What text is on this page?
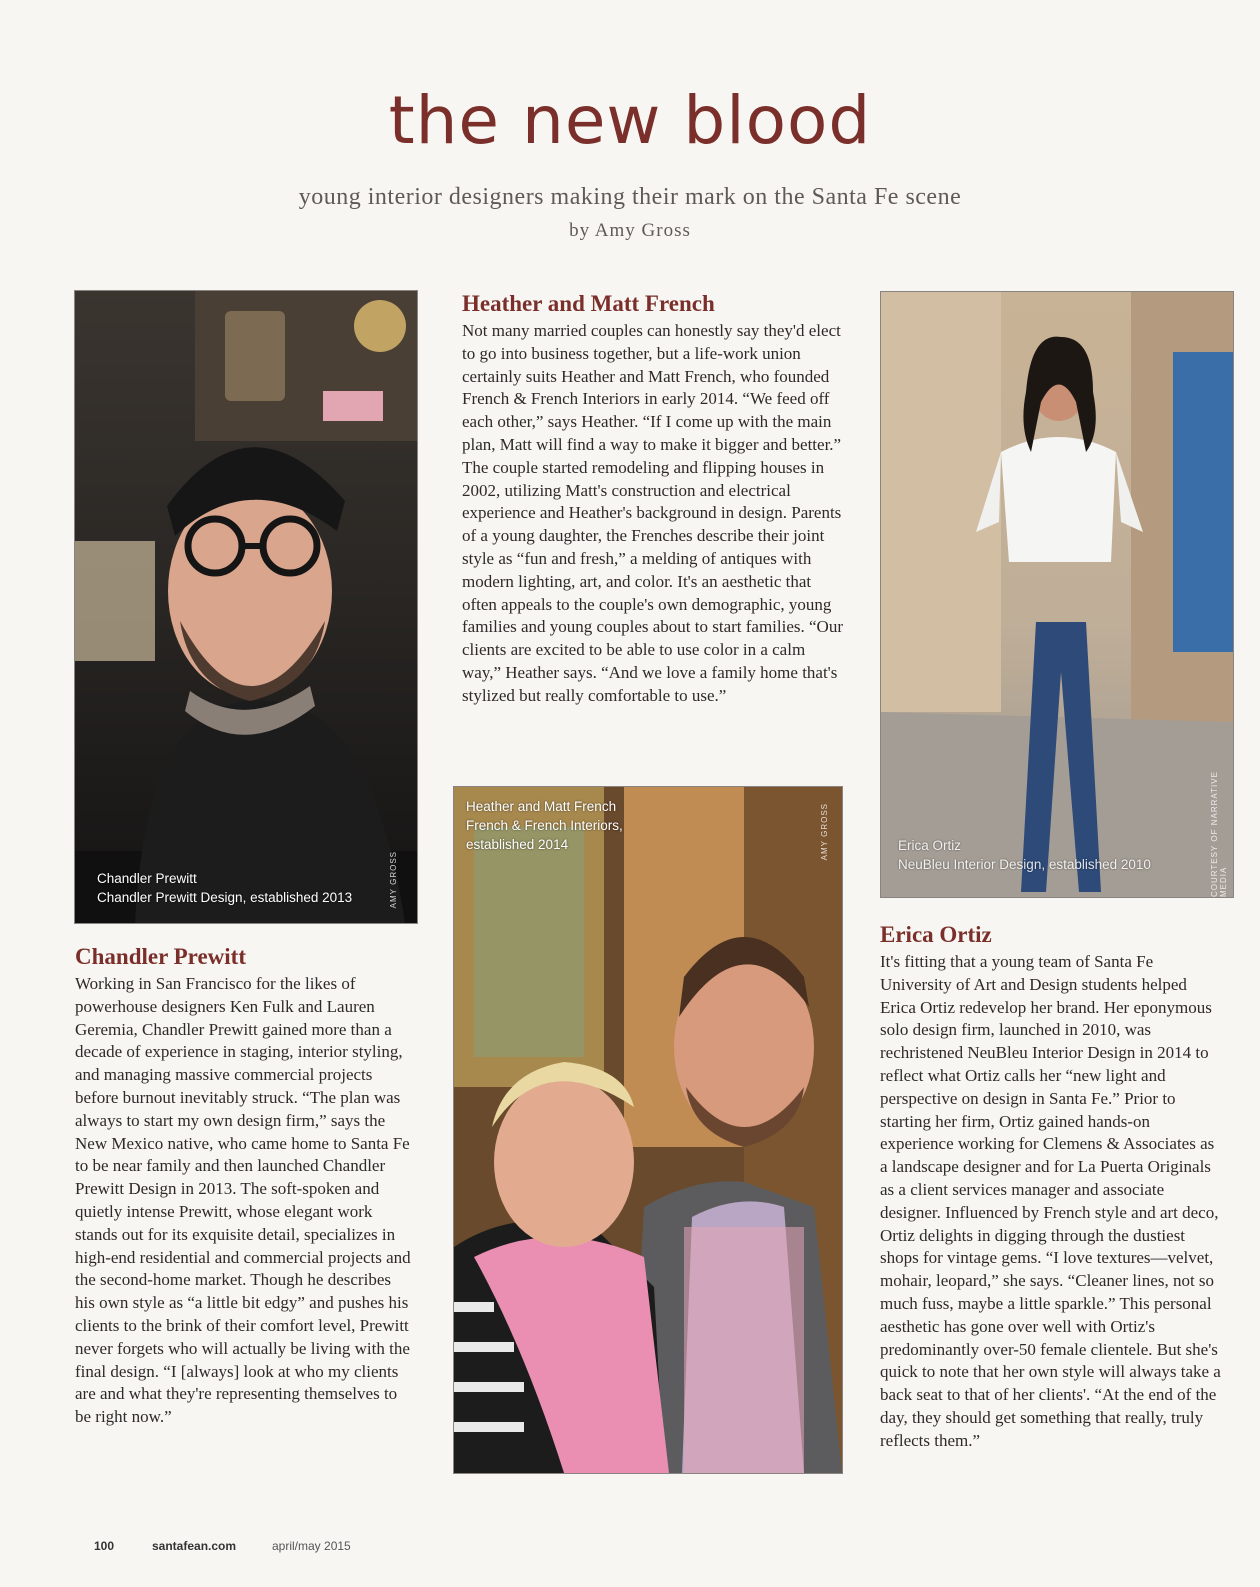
the new blood
young interior designers making their mark on the Santa Fe scene
by Amy Gross
Chandler Prewitt
Chandler Prewitt Design, established 2013	AMY GROSS
Heather and Matt French
French & French Interiors,
established 2014	AMY GROSS	Erica Ortiz
NeuBleu Interior Design, established 2010	COURTESY OF NARRATIVE MEDIA
Heather and Matt French
Not many married couples can honestly say they'd elect to go into business together, but a life-work union certainly suits Heather and Matt French, who founded French & French Interiors in early 2014. “We feed off each other,” says Heather. “If I come up with the main plan, Matt will find a way to make it bigger and better.” The couple started remodeling and flipping houses in 2002, utilizing Matt's construction and electrical experience and Heather's background in design. Parents of a young daughter, the Frenches describe their joint style as “fun and fresh,” a melding of antiques with modern lighting, art, and color. It's an aesthetic that often appeals to the couple's own demographic, young families and young couples about to start families. “Our clients are excited to be able to use color in a calm way,” Heather says. “And we love a family home that's stylized but really comfortable to use.”
Chandler Prewitt
Working in San Francisco for the likes of powerhouse designers Ken Fulk and Lauren Geremia, Chandler Prewitt gained more than a decade of experience in staging, interior styling, and managing massive commercial projects before burnout inevitably struck. “The plan was always to start my own design firm,” says the New Mexico native, who came home to Santa Fe to be near family and then launched Chandler Prewitt Design in 2013. The soft-spoken and quietly intense Prewitt, whose elegant work stands out for its exquisite detail, specializes in high-end residential and commercial projects and the second-home market. Though he describes his own style as “a little bit edgy” and pushes his clients to the brink of their comfort level, Prewitt never forgets who will actually be living with the final design. “I [always] look at who my clients are and what they're representing themselves to be right now.”
Erica Ortiz
It's fitting that a young team of Santa Fe University of Art and Design students helped Erica Ortiz redevelop her brand. Her eponymous solo design firm, launched in 2010, was rechristened NeuBleu Interior Design in 2014 to reflect what Ortiz calls her “new light and perspective on design in Santa Fe.” Prior to starting her firm, Ortiz gained hands-on experience working for Clemens & Associates as a landscape designer and for La Puerta Originals as a client services manager and associate designer. Influenced by French style and art deco, Ortiz delights in digging through the dustiest shops for vintage gems. “I love textures—velvet, mohair, leopard,” she says. “Cleaner lines, not so much fuss, maybe a little sparkle.” This personal aesthetic has gone over well with Ortiz's predominantly over-50 female clientele. But she's quick to note that her own style will always take a back seat to that of her clients'. “At the end of the day, they should get something that really, truly reflects them.”
100	santafean.com	april/may 2015
